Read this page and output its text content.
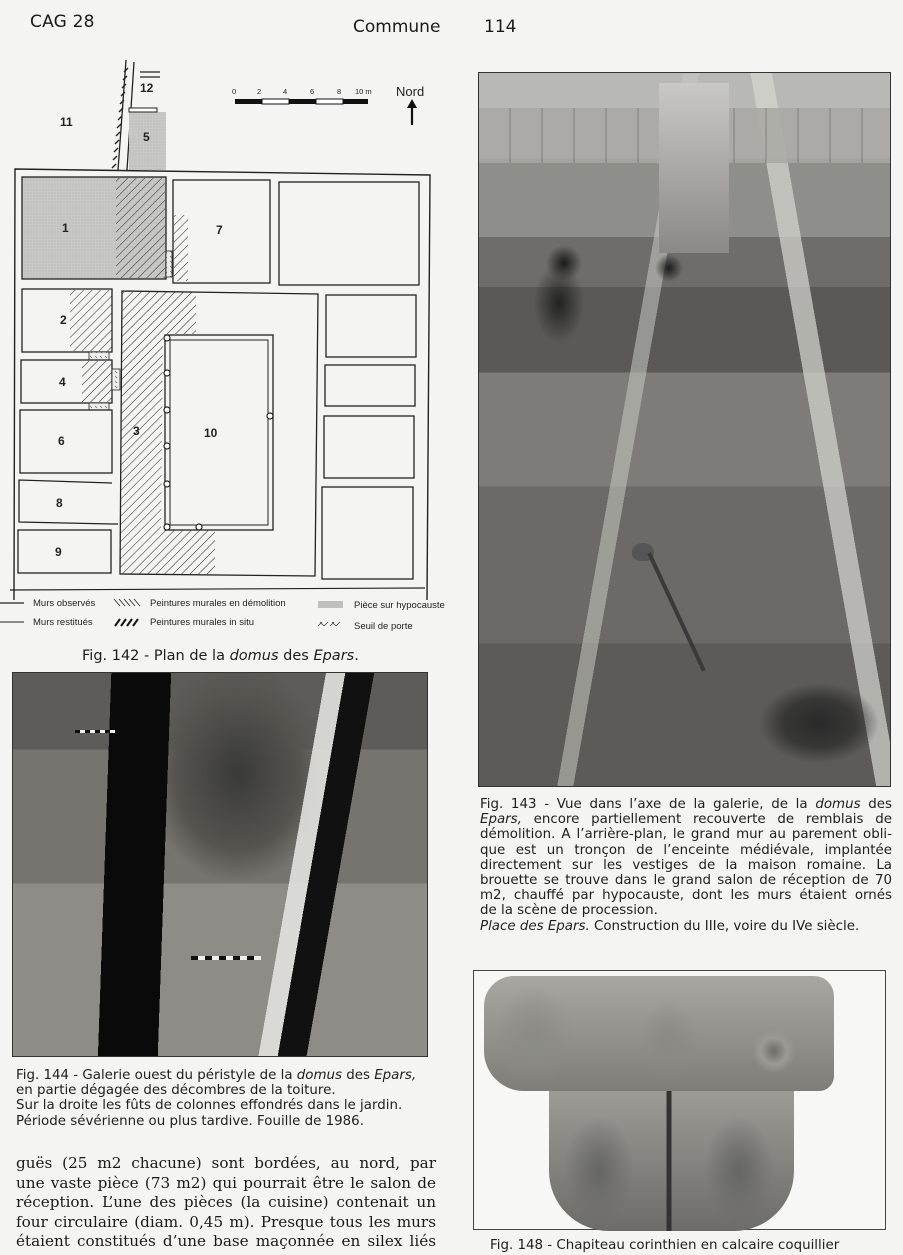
CAG 28	Commune	114
0	2	4	6	8 10 m Nord
11
5
12
1	7
2
4
6
8
9
3	10
Murs observés
Murs restitués
Peintures murales en démolition
Peintures murales in situ
Pièce sur hypocauste
Seuil de porte
Fig. 142 - Plan de la domus des Epars.
Fig. 143 - Vue dans l’axe de la galerie, de la domus des
Epars, encore partiellement recouverte de remblais de
démolition. A l’arrière-plan, le grand mur au parement obli-
que est un tronçon de l’enceinte médiévale, implantée
directement sur les vestiges de la maison romaine. La
brouette se trouve dans le grand salon de réception de 70
m2, chauffé par hypocauste, dont les murs étaient ornés
de la scène de procession.
Place des Epars. Construction du IIIe, voire du IVe siècle.
Fig. 144 - Galerie ouest du péristyle de la domus des Epars,
en partie dégagée des décombres de la toiture.
Sur la droite les fûts de colonnes effondrés dans le jardin.
Période sévérienne ou plus tardive. Fouille de 1986.
guës (25 m2 chacune) sont bordées, au nord, par
une vaste pièce (73 m2) qui pourrait être le salon de
réception. L’une des pièces (la cuisine) contenait un
four circulaire (diam. 0,45 m). Presque tous les murs
étaient constitués d’une base maçonnée en silex liés	Fig. 148 - Chapiteau corinthien en calcaire coquillier
